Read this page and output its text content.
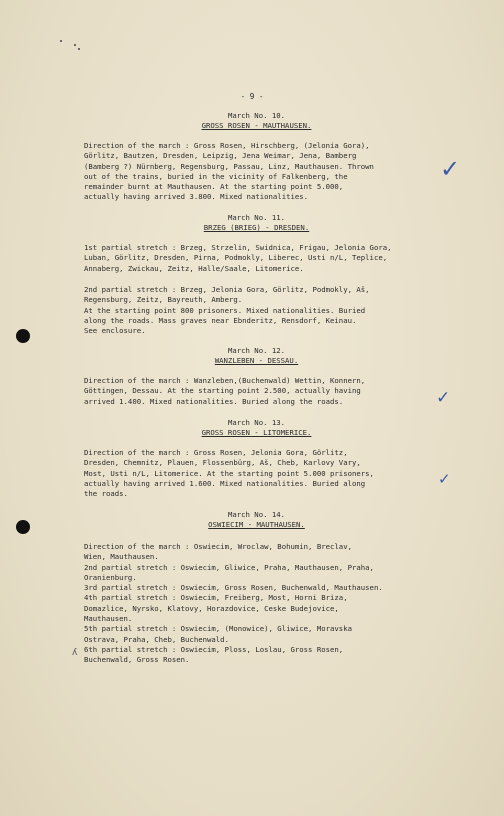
- 9 -
March No. 10.
GROSS ROSEN - MAUTHAUSEN.
Direction of the march : Gross Rosen, Hirschberg, (Jelonia Gora),
Görlitz, Bautzen, Dresden, Leipzig, Jena Weimar, Jena, Bamberg
(Bamberg ?) Nürnberg, Regensburg, Passau, Linz, Mauthausen. Thrown
out of the trains, buried in the vicinity of Falkenberg, the
remainder burnt at Mauthausen. At the starting point 5.000,
actually having arrived 3.800. Mixed nationalities.
March No. 11.
BRZEG (BRIEG) - DRESDEN.
1st partial stretch : Brzeg, Strzelin, Swidnica, Frigau, Jelonia Gora,
Luban, Görlitz, Dresden, Pirna, Podmokly, Liberec, Usti n/L, Teplice,
Annaberg, Zwickau, Zeitz, Halle/Saale, Litomerice.
2nd partial stretch : Brzeg, Jelonia Gora, Görlitz, Podmokly, Aš,
Regensburg, Zeitz, Bayreuth, Amberg.
At the starting point 800 prisoners. Mixed nationalities. Buried
along the roads. Mass graves near Ebnderitz, Rensdorf, Keinau.
See enclosure.
March No. 12.
WANZLEBEN - DESSAU.
Direction of the march : Wanzleben,(Buchenwald) Wettin, Konnern,
Göttingen, Dessau. At the starting point 2.500, actually having
arrived 1.400. Mixed nationalities. Buried along the roads.
March No. 13.
GROSS ROSEN - LITOMERICE.
Direction of the march : Gross Rosen, Jelonia Gora, Görlitz,
Dresden, Chemnitz, Plauen, Flossenbürg, Aš, Cheb, Karlovy Vary,
Most, Usti n/L, Litomerice. At the starting point 5.000 prisoners,
actually having arrived 1.600. Mixed nationalities. Buried along
the roads.
March No. 14.
OSWIECIM - MAUTHAUSEN.
Direction of the march : Oswiecim, Wroclaw, Bohumin, Breclav,
Wien, Mauthausen.
2nd partial stretch : Oswiecim, Gliwice, Praha, Mauthausen, Praha,
Oranienburg.
3rd partial stretch : Oswiecim, Gross Rosen, Buchenwald, Mauthausen.
4th partial stretch : Oswiecim, Freiberg, Most, Horni Briza,
Domazlice, Nyrsko, Klatovy, Horazdovice, Ceske Budejovice,
Mauthausen.
5th partial stretch : Oswiecim, (Monowice), Gliwice, Moravska
Ostrava, Praha, Cheb, Buchenwald.
6th partial stretch : Oswiecim, Ploss, Loslau, Gross Rosen,
Buchenwald, Gross Rosen.
✓
✓
✓
ʎ
